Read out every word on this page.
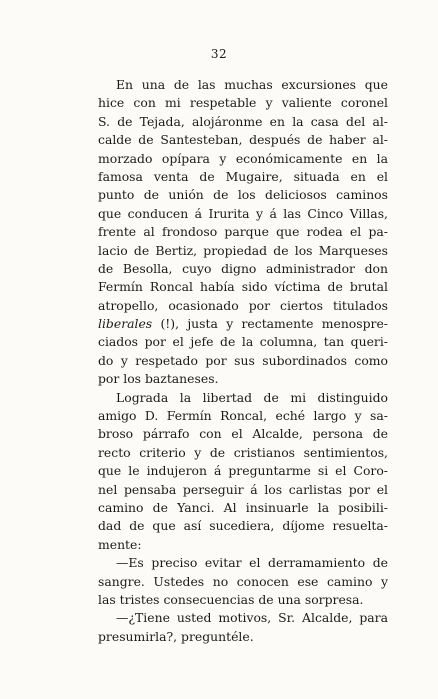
32
En una de las muchas excursiones que
hice con mi respetable y valiente coronel
S. de Tejada, alojáronme en la casa del al-
calde de Santesteban, después de haber al-
morzado opípara y económicamente en la
famosa venta de Mugaire, situada en el
punto de unión de los deliciosos caminos
que conducen á Irurita y á las Cinco Villas,
frente al frondoso parque que rodea el pa-
lacio de Bertiz, propiedad de los Marqueses
de Besolla, cuyo digno administrador don
Fermín Roncal había sido víctima de brutal
atropello, ocasionado por ciertos titulados
liberales (!), justa y rectamente menospre-
ciados por el jefe de la columna, tan queri-
do y respetado por sus subordinados como
por los baztaneses.
Lograda la libertad de mi distinguido
amigo D. Fermín Roncal, eché largo y sa-
broso párrafo con el Alcalde, persona de
recto criterio y de cristianos sentimientos,
que le indujeron á preguntarme si el Coro-
nel pensaba perseguir á los carlistas por el
camino de Yanci. Al insinuarle la posibili-
dad de que así sucediera, díjome resuelta-
mente:
—Es preciso evitar el derramamiento de
sangre. Ustedes no conocen ese camino y
las tristes consecuencias de una sorpresa.
—¿Tiene usted motivos, Sr. Alcalde, para
presumirla?, preguntéle.
